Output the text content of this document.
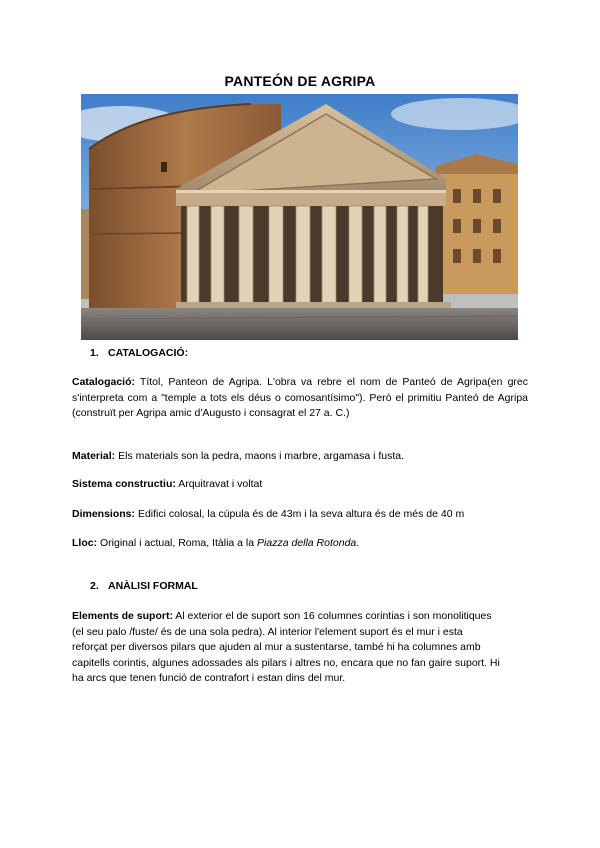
PANTEÓN DE AGRIPA
1. CATALOGACIÓ:

Catalogació: Títol, Panteon de Agripa. L'obra va rebre el nom de Panteó de Agripa(en grec s'interpreta com a "temple a tots els déus o comosantísimo"). Però el primitiu Panteó de Agripa (construït per Agripa amic d'Augusto i consagrat el 27 a. C.)

Material: Els materials son la pedra, maons i marbre, argamasa i fusta.

Sistema constructiu: Arquitravat i voltat

Dimensions: Edifici colosal, la cúpula és de 43m i la seva altura és de més de 40 m

Lloc: Original i actual, Roma, Itàlia a la Piazza della Rotonda.

2. ANÀLISI FORMAL

Elements de suport: Al exterior el de suport son 16 columnes corintias i son monolitiques
(el seu palo /fuste/ és de una sola pedra). Al interior l'element suport és el mur i esta
reforçat per diversos pilars que ajuden al mur a sustentarse, també hi ha columnes amb
capitells corintis, algunes adossades als pilars i altres no, encara que no fan gaire suport. Hi
ha arcs que tenen funció de contrafort i estan dins del mur.
